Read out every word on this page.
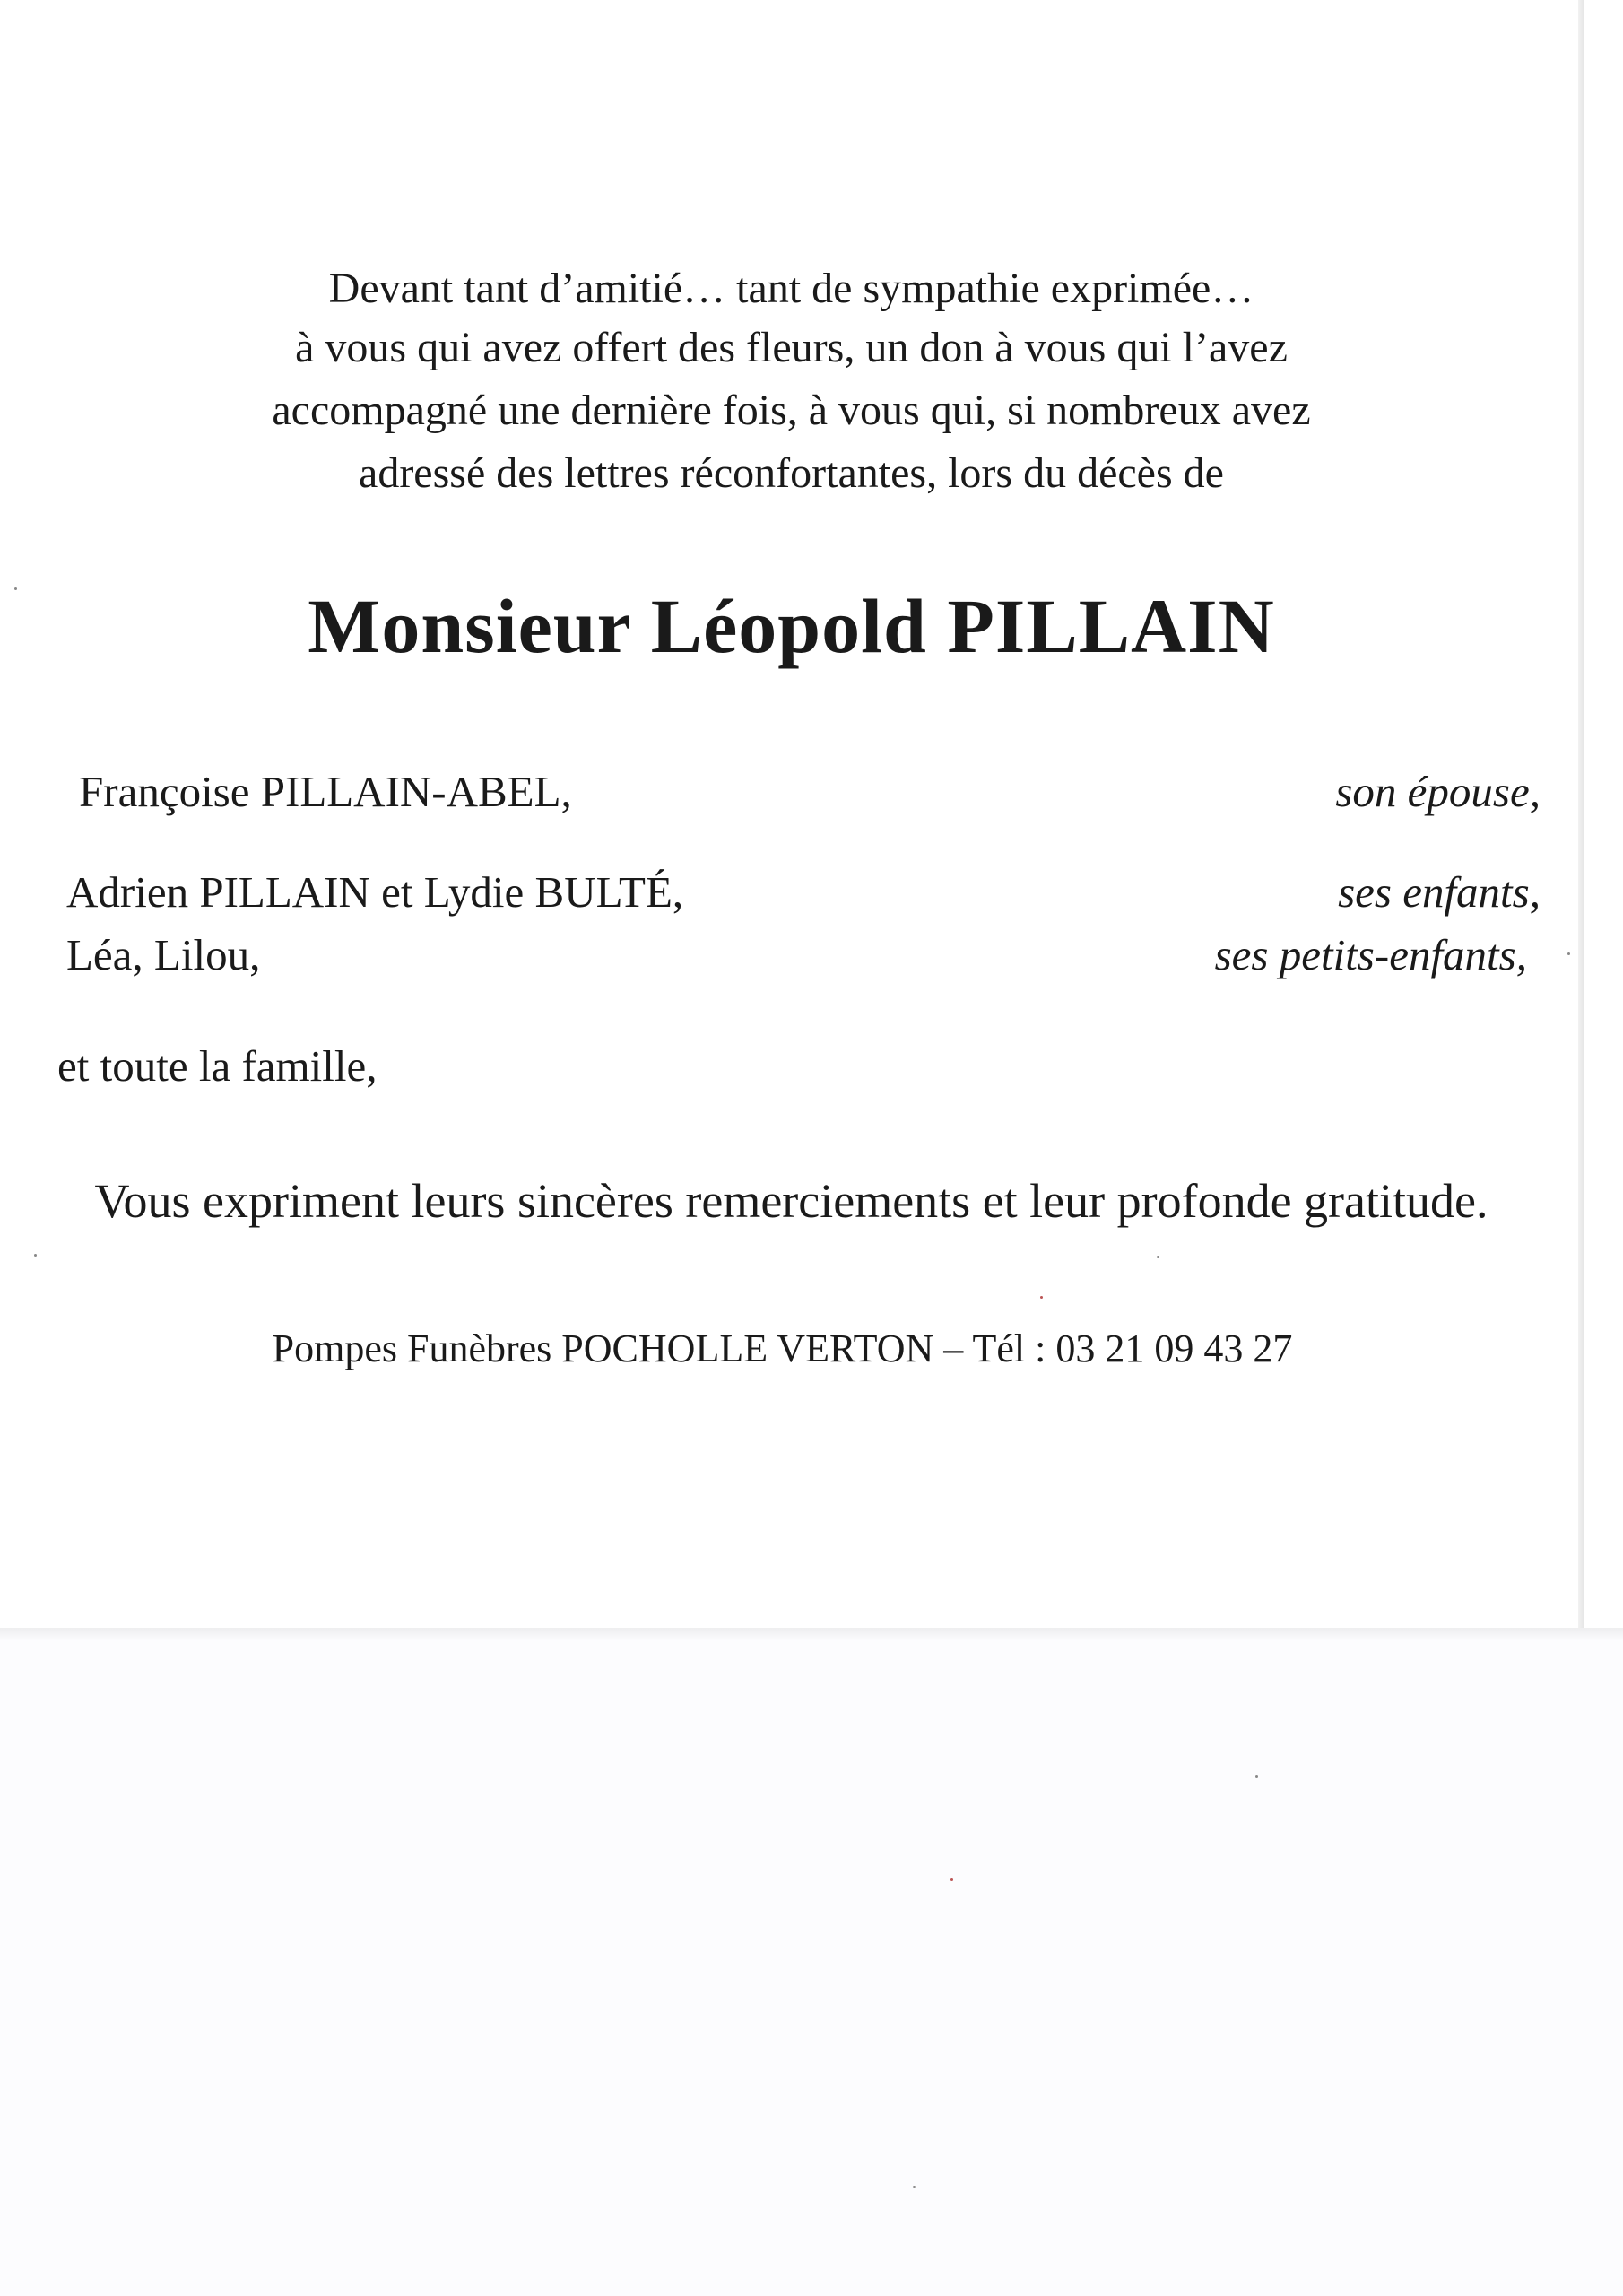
Devant tant d’amitié… tant de sympathie exprimée…
à vous qui avez offert des fleurs, un don à vous qui l’avez
accompagné une dernière fois, à vous qui, si nombreux avez
adressé des lettres réconfortantes, lors du décès de
Monsieur Léopold PILLAIN
Françoise PILLAIN-ABEL,	son épouse,
Adrien PILLAIN et Lydie BULTÉ,	ses enfants,
Léa, Lilou,	ses petits-enfants,
et toute la famille,
Vous expriment leurs sincères remerciements et leur profonde gratitude.
Pompes Funèbres POCHOLLE VERTON – Tél : 03 21 09 43 27
